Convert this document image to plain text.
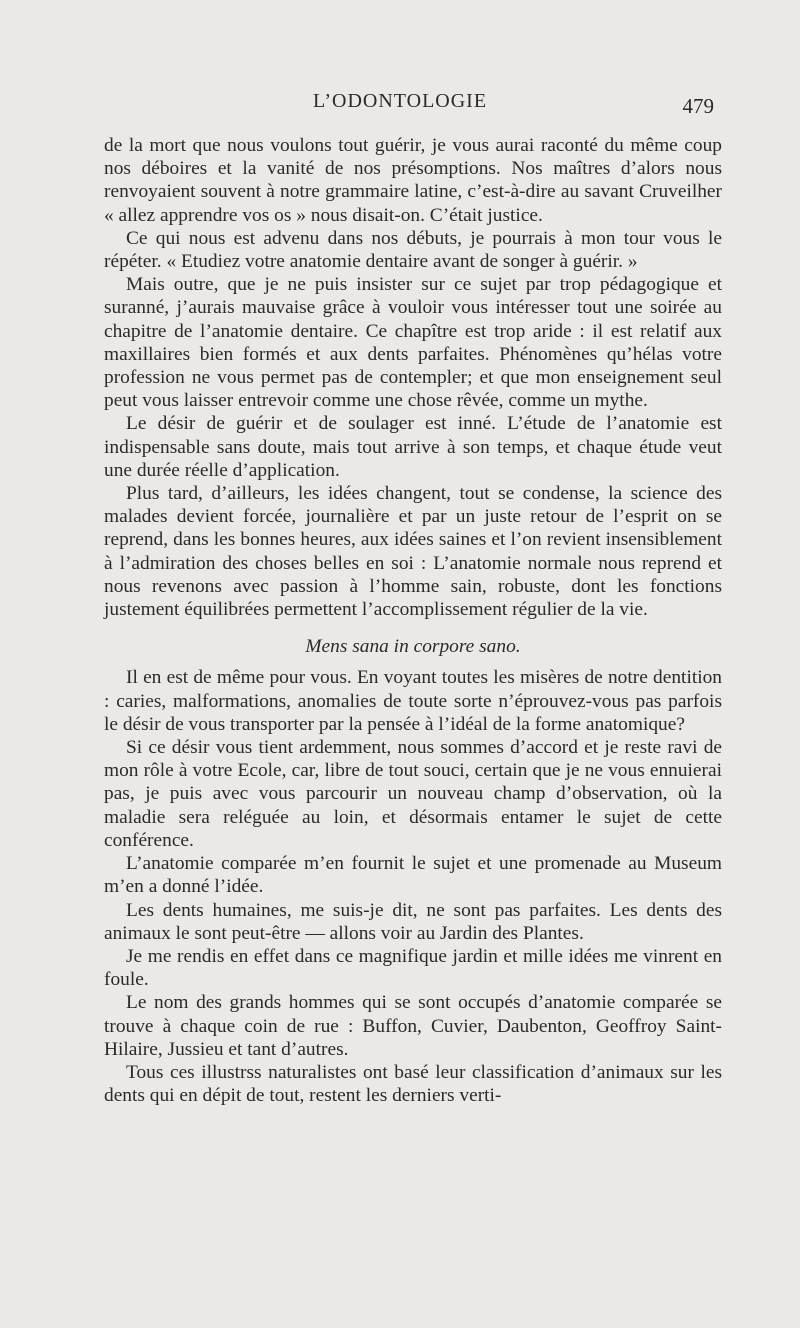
L’ODONTOLOGIE	479

de la mort que nous voulons tout guérir, je vous aurai raconté du même coup nos déboires et la vanité de nos présomptions. Nos maîtres d’alors nous renvoyaient souvent à notre grammaire latine, c’est-à-dire au savant Cruveilher « allez apprendre vos os » nous disait-on. C’était justice.

Ce qui nous est advenu dans nos débuts, je pourrais à mon tour vous le répéter. « Etudiez votre anatomie dentaire avant de songer à guérir. »

Mais outre, que je ne puis insister sur ce sujet par trop pédagogique et suranné, j’aurais mauvaise grâce à vouloir vous intéresser tout une soirée au chapitre de l’anatomie dentaire. Ce chapître est trop aride : il est relatif aux maxillaires bien formés et aux dents parfaites. Phénomènes qu’hélas votre profession ne vous permet pas de contempler; et que mon enseignement seul peut vous laisser entrevoir comme une chose rêvée, comme un mythe.

Le désir de guérir et de soulager est inné. L’étude de l’anatomie est indispensable sans doute, mais tout arrive à son temps, et chaque étude veut une durée réelle d’application.

Plus tard, d’ailleurs, les idées changent, tout se condense, la science des malades devient forcée, journalière et par un juste retour de l’esprit on se reprend, dans les bonnes heures, aux idées saines et l’on revient insensiblement à l’admiration des choses belles en soi : L’anatomie normale nous reprend et nous revenons avec passion à l’homme sain, robuste, dont les fonctions justement équilibrées permettent l’accomplissement régulier de la vie.

Mens sana in corpore sano.

Il en est de même pour vous. En voyant toutes les misères de notre dentition : caries, malformations, anomalies de toute sorte n’éprouvez-vous pas parfois le désir de vous transporter par la pensée à l’idéal de la forme anatomique?

Si ce désir vous tient ardemment, nous sommes d’accord et je reste ravi de mon rôle à votre Ecole, car, libre de tout souci, certain que je ne vous ennuierai pas, je puis avec vous parcourir un nouveau champ d’observation, où la maladie sera reléguée au loin, et désormais entamer le sujet de cette conférence.

L’anatomie comparée m’en fournit le sujet et une promenade au Museum m’en a donné l’idée.

Les dents humaines, me suis-je dit, ne sont pas parfaites. Les dents des animaux le sont peut-être — allons voir au Jardin des Plantes.

Je me rendis en effet dans ce magnifique jardin et mille idées me vinrent en foule.

Le nom des grands hommes qui se sont occupés d’anatomie comparée se trouve à chaque coin de rue : Buffon, Cuvier, Daubenton, Geoffroy Saint-Hilaire, Jussieu et tant d’autres.

Tous ces illustrss naturalistes ont basé leur classification d’animaux sur les dents qui en dépit de tout, restent les derniers verti-
